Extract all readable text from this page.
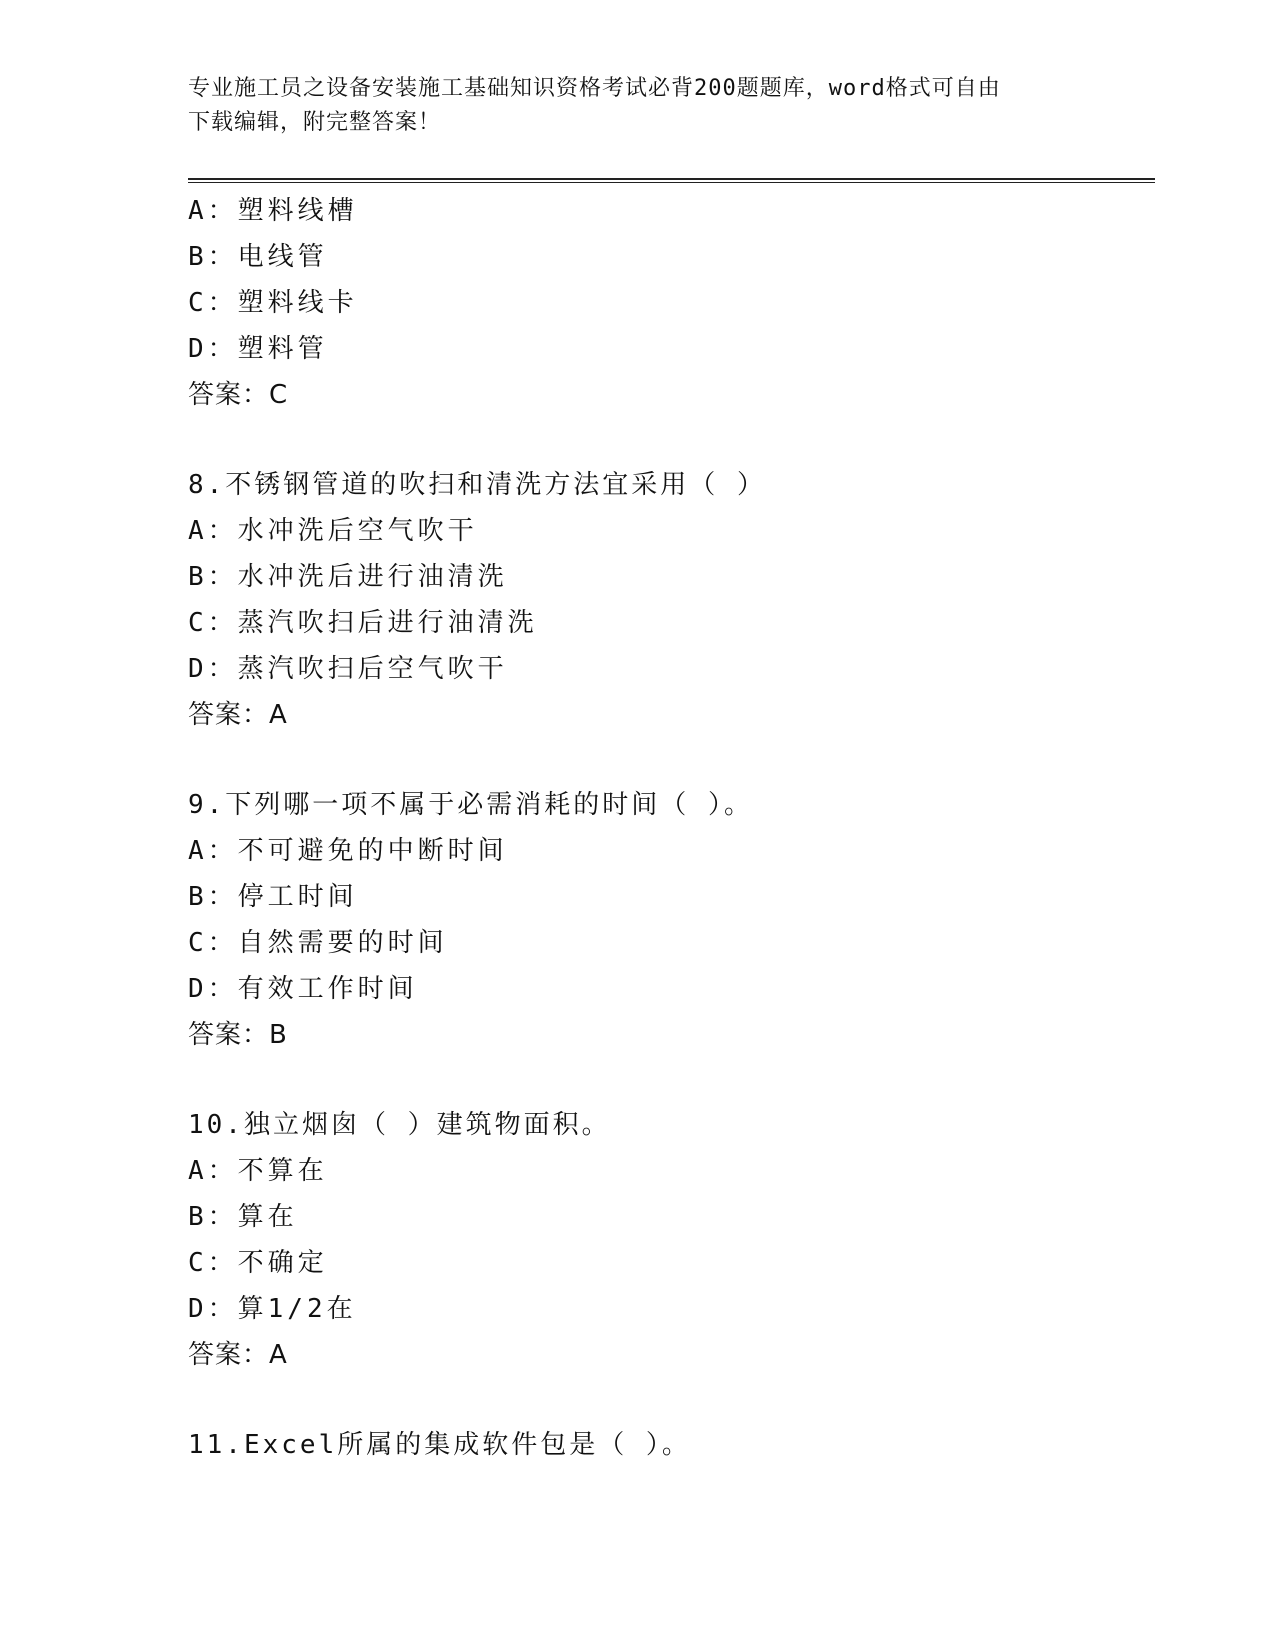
专业施工员之设备安装施工基础知识资格考试必背200题题库，word格式可自由
下载编辑，附完整答案！
A：塑料线槽
B：电线管
C：塑料线卡
D：塑料管
答案：C
8.不锈钢管道的吹扫和清洗方法宜采用（ ）
A：水冲洗后空气吹干
B：水冲洗后进行油清洗
C：蒸汽吹扫后进行油清洗
D：蒸汽吹扫后空气吹干
答案：A
9.下列哪一项不属于必需消耗的时间（ ）。
A：不可避免的中断时间
B：停工时间
C：自然需要的时间
D：有效工作时间
答案：B
10.独立烟囱（ ）建筑物面积。
A：不算在
B：算在
C：不确定
D：算1/2在
答案：A
11.Excel所属的集成软件包是（ ）。
